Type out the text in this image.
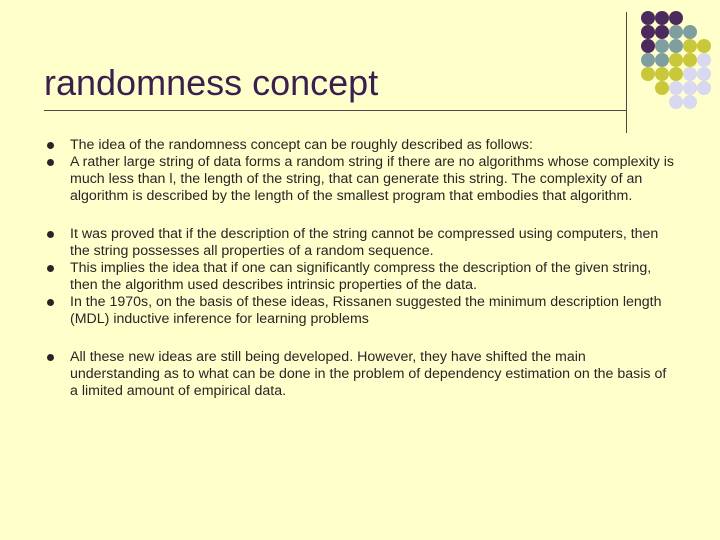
randomness concept
The idea of the randomness concept can be roughly described as follows:
A rather large string of data forms a random string if there are no algorithms whose complexity is much less than l, the length of the string, that can generate this string. The complexity of an algorithm is described by the length of the smallest program that embodies that algorithm.
It was proved that if the description of the string cannot be compressed using computers, then the string possesses all properties of a random sequence.
This implies the idea that if one can significantly compress the description of the given string, then the algorithm used describes intrinsic properties of the data.
In the 1970s, on the basis of these ideas, Rissanen suggested the minimum description length (MDL) inductive inference for learning problems
All these new ideas are still being developed. However, they have shifted the main understanding as to what can be done in the problem of dependency estimation on the basis of a limited amount of empirical data.
